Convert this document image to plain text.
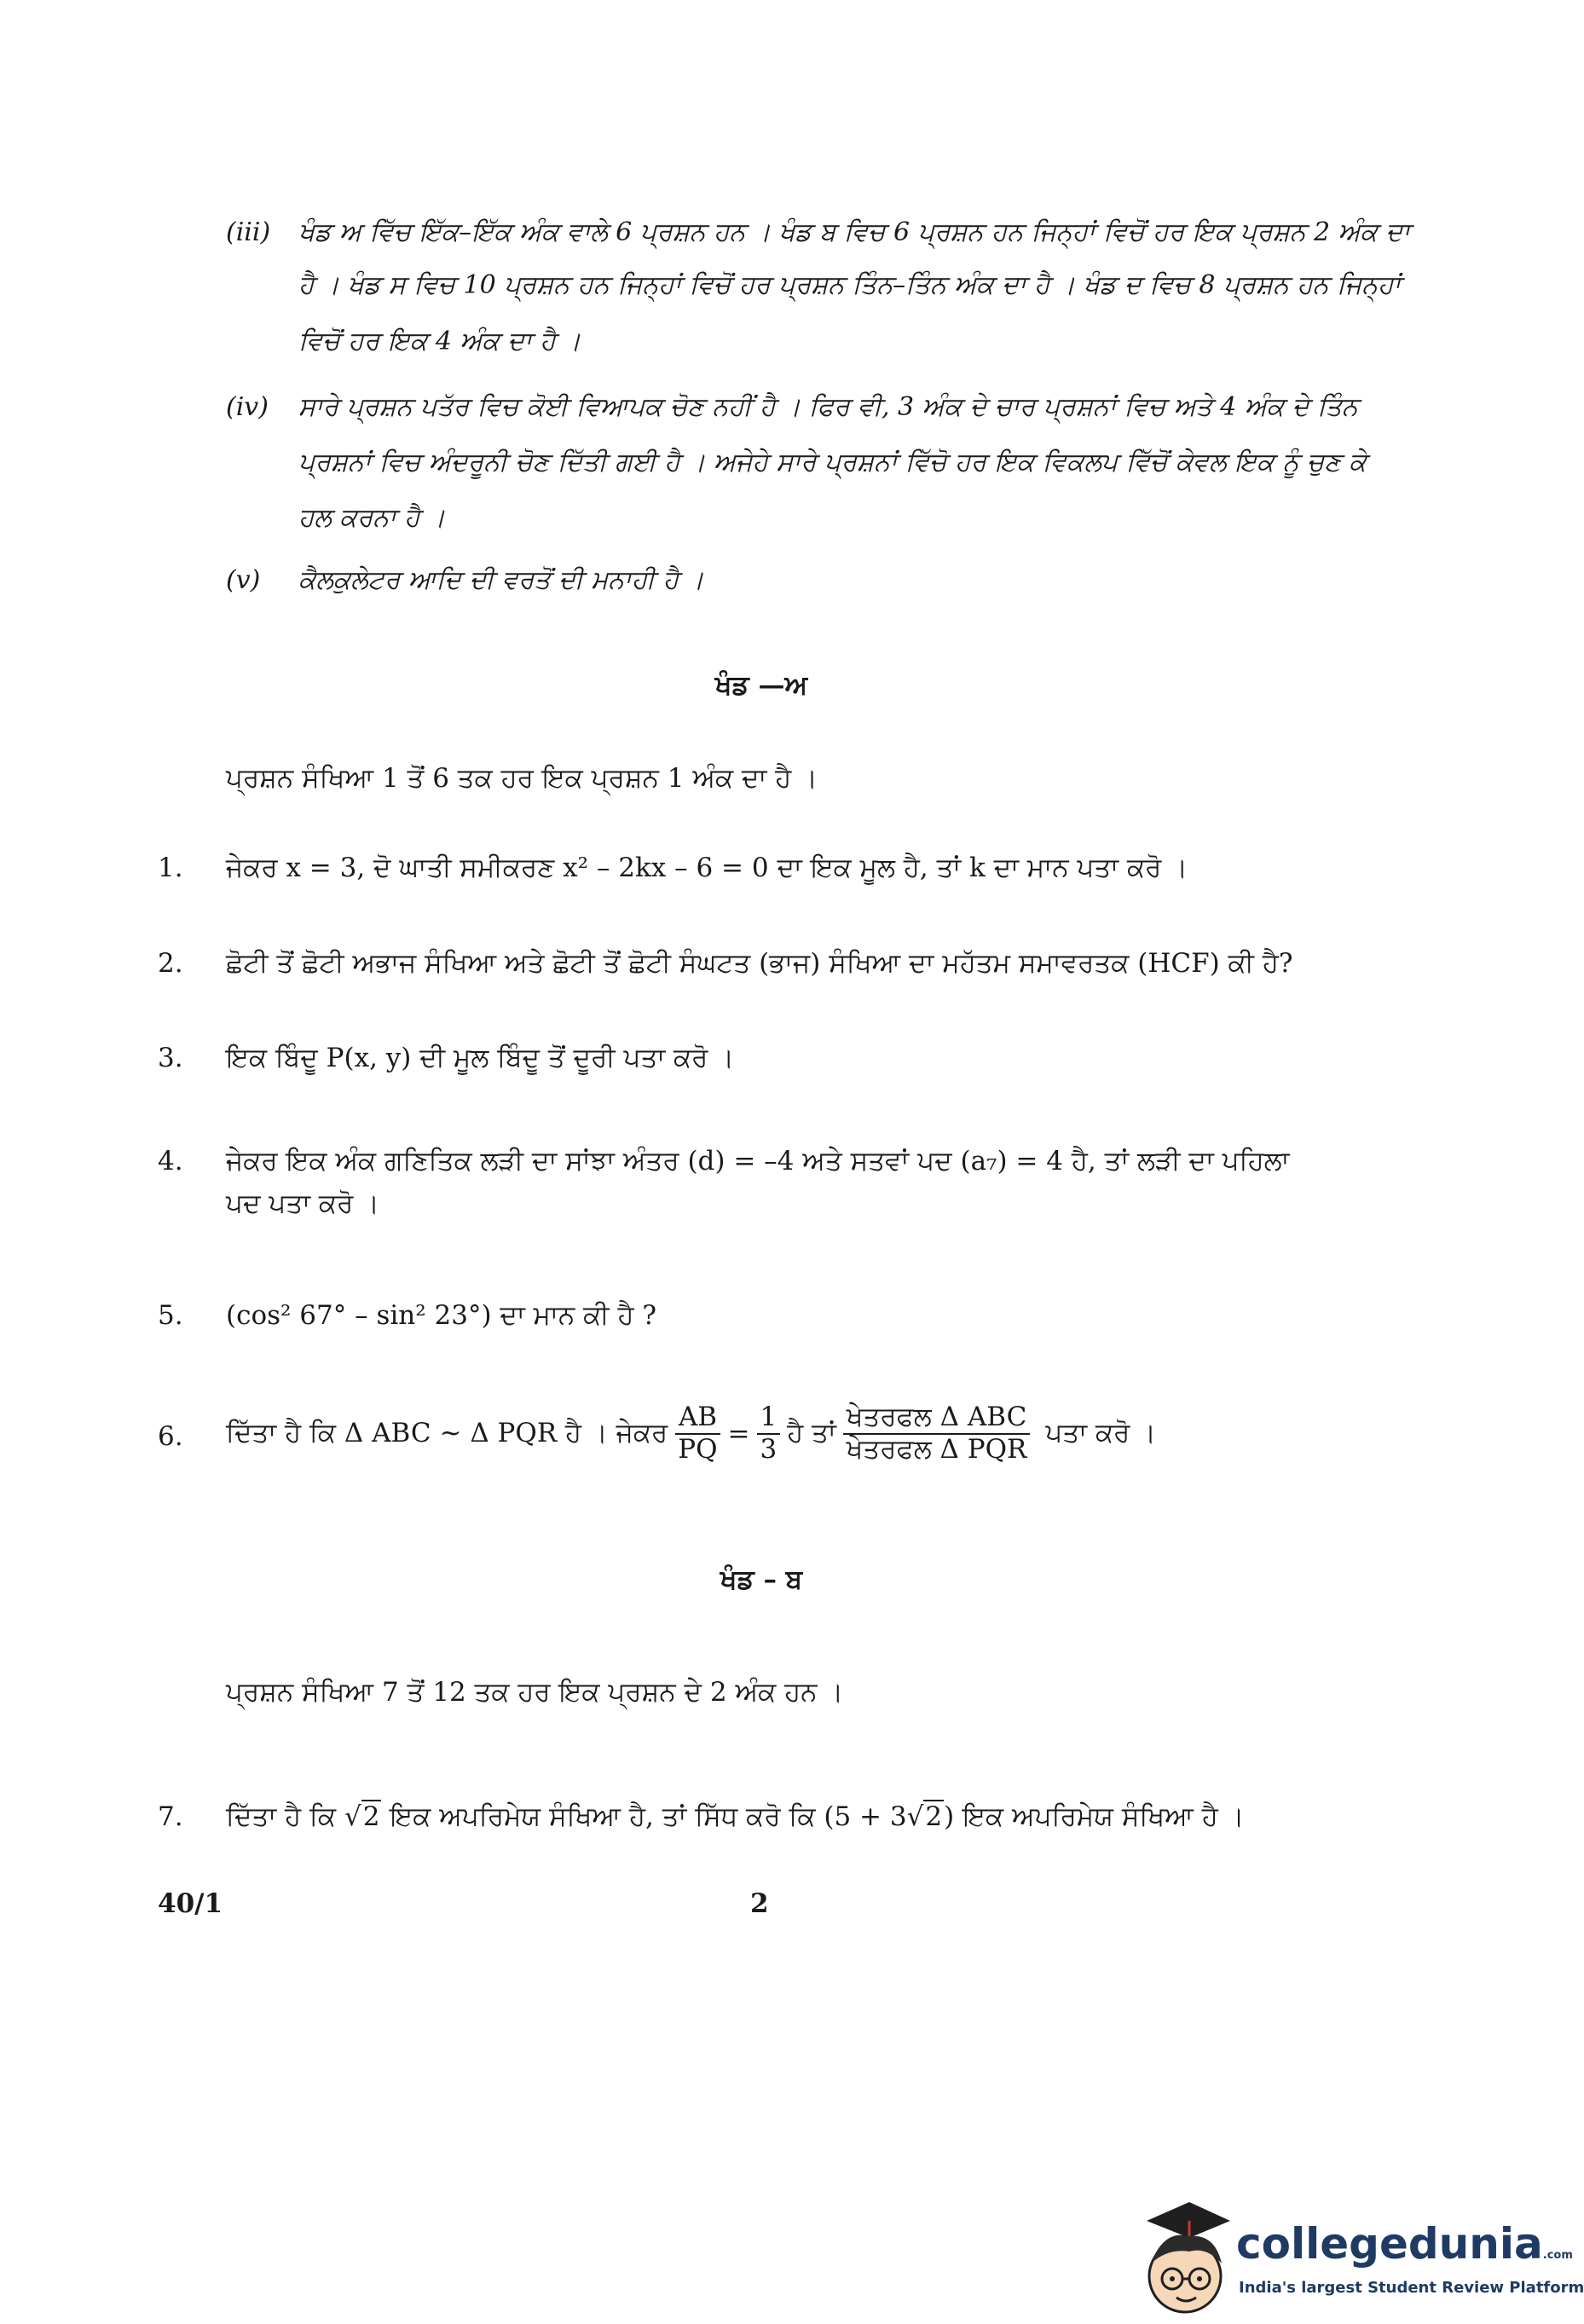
(iii) ਖੰਡ ਅ ਵਿੱਚ ਇੱਕ–ਇੱਕ ਅੰਕ ਵਾਲੇ 6 ਪ੍ਰਸ਼ਨ ਹਨ । ਖੰਡ ਬ ਵਿਚ 6 ਪ੍ਰਸ਼ਨ ਹਨ ਜਿਨ੍ਹਾਂ ਵਿਚੋਂ ਹਰ ਇਕ ਪ੍ਰਸ਼ਨ 2 ਅੰਕ ਦਾ
ਹੈ । ਖੰਡ ਸ ਵਿਚ 10 ਪ੍ਰਸ਼ਨ ਹਨ ਜਿਨ੍ਹਾਂ ਵਿਚੋਂ ਹਰ ਪ੍ਰਸ਼ਨ ਤਿੰਨ–ਤਿੰਨ ਅੰਕ ਦਾ ਹੈ । ਖੰਡ ਦ ਵਿਚ 8 ਪ੍ਰਸ਼ਨ ਹਨ ਜਿਨ੍ਹਾਂ
ਵਿਚੋਂ ਹਰ ਇਕ 4 ਅੰਕ ਦਾ ਹੈ ।
(iv) ਸਾਰੇ ਪ੍ਰਸ਼ਨ ਪਤੱਰ ਵਿਚ ਕੋਈ ਵਿਆਪਕ ਚੋਣ ਨਹੀਂ ਹੈ । ਫਿਰ ਵੀ, 3 ਅੰਕ ਦੇ ਚਾਰ ਪ੍ਰਸ਼ਨਾਂ ਵਿਚ ਅਤੇ 4 ਅੰਕ ਦੇ ਤਿੰਨ
ਪ੍ਰਸ਼ਨਾਂ ਵਿਚ ਅੰਦਰੂਨੀ ਚੋਣ ਦਿੱਤੀ ਗਈ ਹੈ । ਅਜੇਹੇ ਸਾਰੇ ਪ੍ਰਸ਼ਨਾਂ ਵਿੱਚੋ ਹਰ ਇਕ ਵਿਕਲਪ ਵਿੱਚੋਂ ਕੇਵਲ ਇਕ ਨੂੰ ਚੁਣ ਕੇ
ਹਲ ਕਰਨਾ ਹੈ ।
(v) ਕੈਲਕੁਲੇਟਰ ਆਦਿ ਦੀ ਵਰਤੋਂ ਦੀ ਮਨਾਹੀ ਹੈ ।
ਖੰਡ —ਅ
ਪ੍ਰਸ਼ਨ ਸੰਖਿਆ 1 ਤੋਂ 6 ਤਕ ਹਰ ਇਕ ਪ੍ਰਸ਼ਨ 1 ਅੰਕ ਦਾ ਹੈ ।
1. ਜੇਕਰ x = 3, ਦੋ ਘਾਤੀ ਸਮੀਕਰਣ x² – 2kx – 6 = 0 ਦਾ ਇਕ ਮੂਲ ਹੈ, ਤਾਂ k ਦਾ ਮਾਨ ਪਤਾ ਕਰੋ ।
2. ਛੋਟੀ ਤੋਂ ਛੋਟੀ ਅਭਾਜ ਸੰਖਿਆ ਅਤੇ ਛੋਟੀ ਤੋਂ ਛੋਟੀ ਸੰਘਟਤ (ਭਾਜ) ਸੰਖਿਆ ਦਾ ਮਹੱਤਮ ਸਮਾਵਰਤਕ (HCF) ਕੀ ਹੈ?
3. ਇਕ ਬਿੰਦੂ P(x, y) ਦੀ ਮੂਲ ਬਿੰਦੂ ਤੋਂ ਦੂਰੀ ਪਤਾ ਕਰੋ ।
4. ਜੇਕਰ ਇਕ ਅੰਕ ਗਣਿਤਿਕ ਲੜੀ ਦਾ ਸਾਂਝਾ ਅੰਤਰ (d) = –4 ਅਤੇ ਸਤਵਾਂ ਪਦ (a₇) = 4 ਹੈ, ਤਾਂ ਲੜੀ ਦਾ ਪਹਿਲਾ
ਪਦ ਪਤਾ ਕਰੋ ।
5. (cos² 67° – sin² 23°) ਦਾ ਮਾਨ ਕੀ ਹੈ ?
6. ਦਿੱਤਾ ਹੈ ਕਿ Δ ABC ~ Δ PQR ਹੈ । ਜੇਕਰ $\frac{AB}{PQ} = \frac{1}{3}$ ਹੈ ਤਾਂ $\frac{\text{ਖੇਤਰਫਲ Δ ABC}}{\text{ਖੇਤਰਫਲ Δ PQR}}$ ਪਤਾ ਕਰੋ ।
ਖੰਡ – ਬ
ਪ੍ਰਸ਼ਨ ਸੰਖਿਆ 7 ਤੋਂ 12 ਤਕ ਹਰ ਇਕ ਪ੍ਰਸ਼ਨ ਦੇ 2 ਅੰਕ ਹਨ ।
7. ਦਿੱਤਾ ਹੈ ਕਿ √2 ਇਕ ਅਪਰਿਮੇਯ ਸੰਖਿਆ ਹੈ, ਤਾਂ ਸਿੱਧ ਕਰੋ ਕਿ (5 + 3√2) ਇਕ ਅਪਰਿਮੇਯ ਸੰਖਿਆ ਹੈ ।
40/1	2
collegedunia.com
India's largest Student Review Platform
